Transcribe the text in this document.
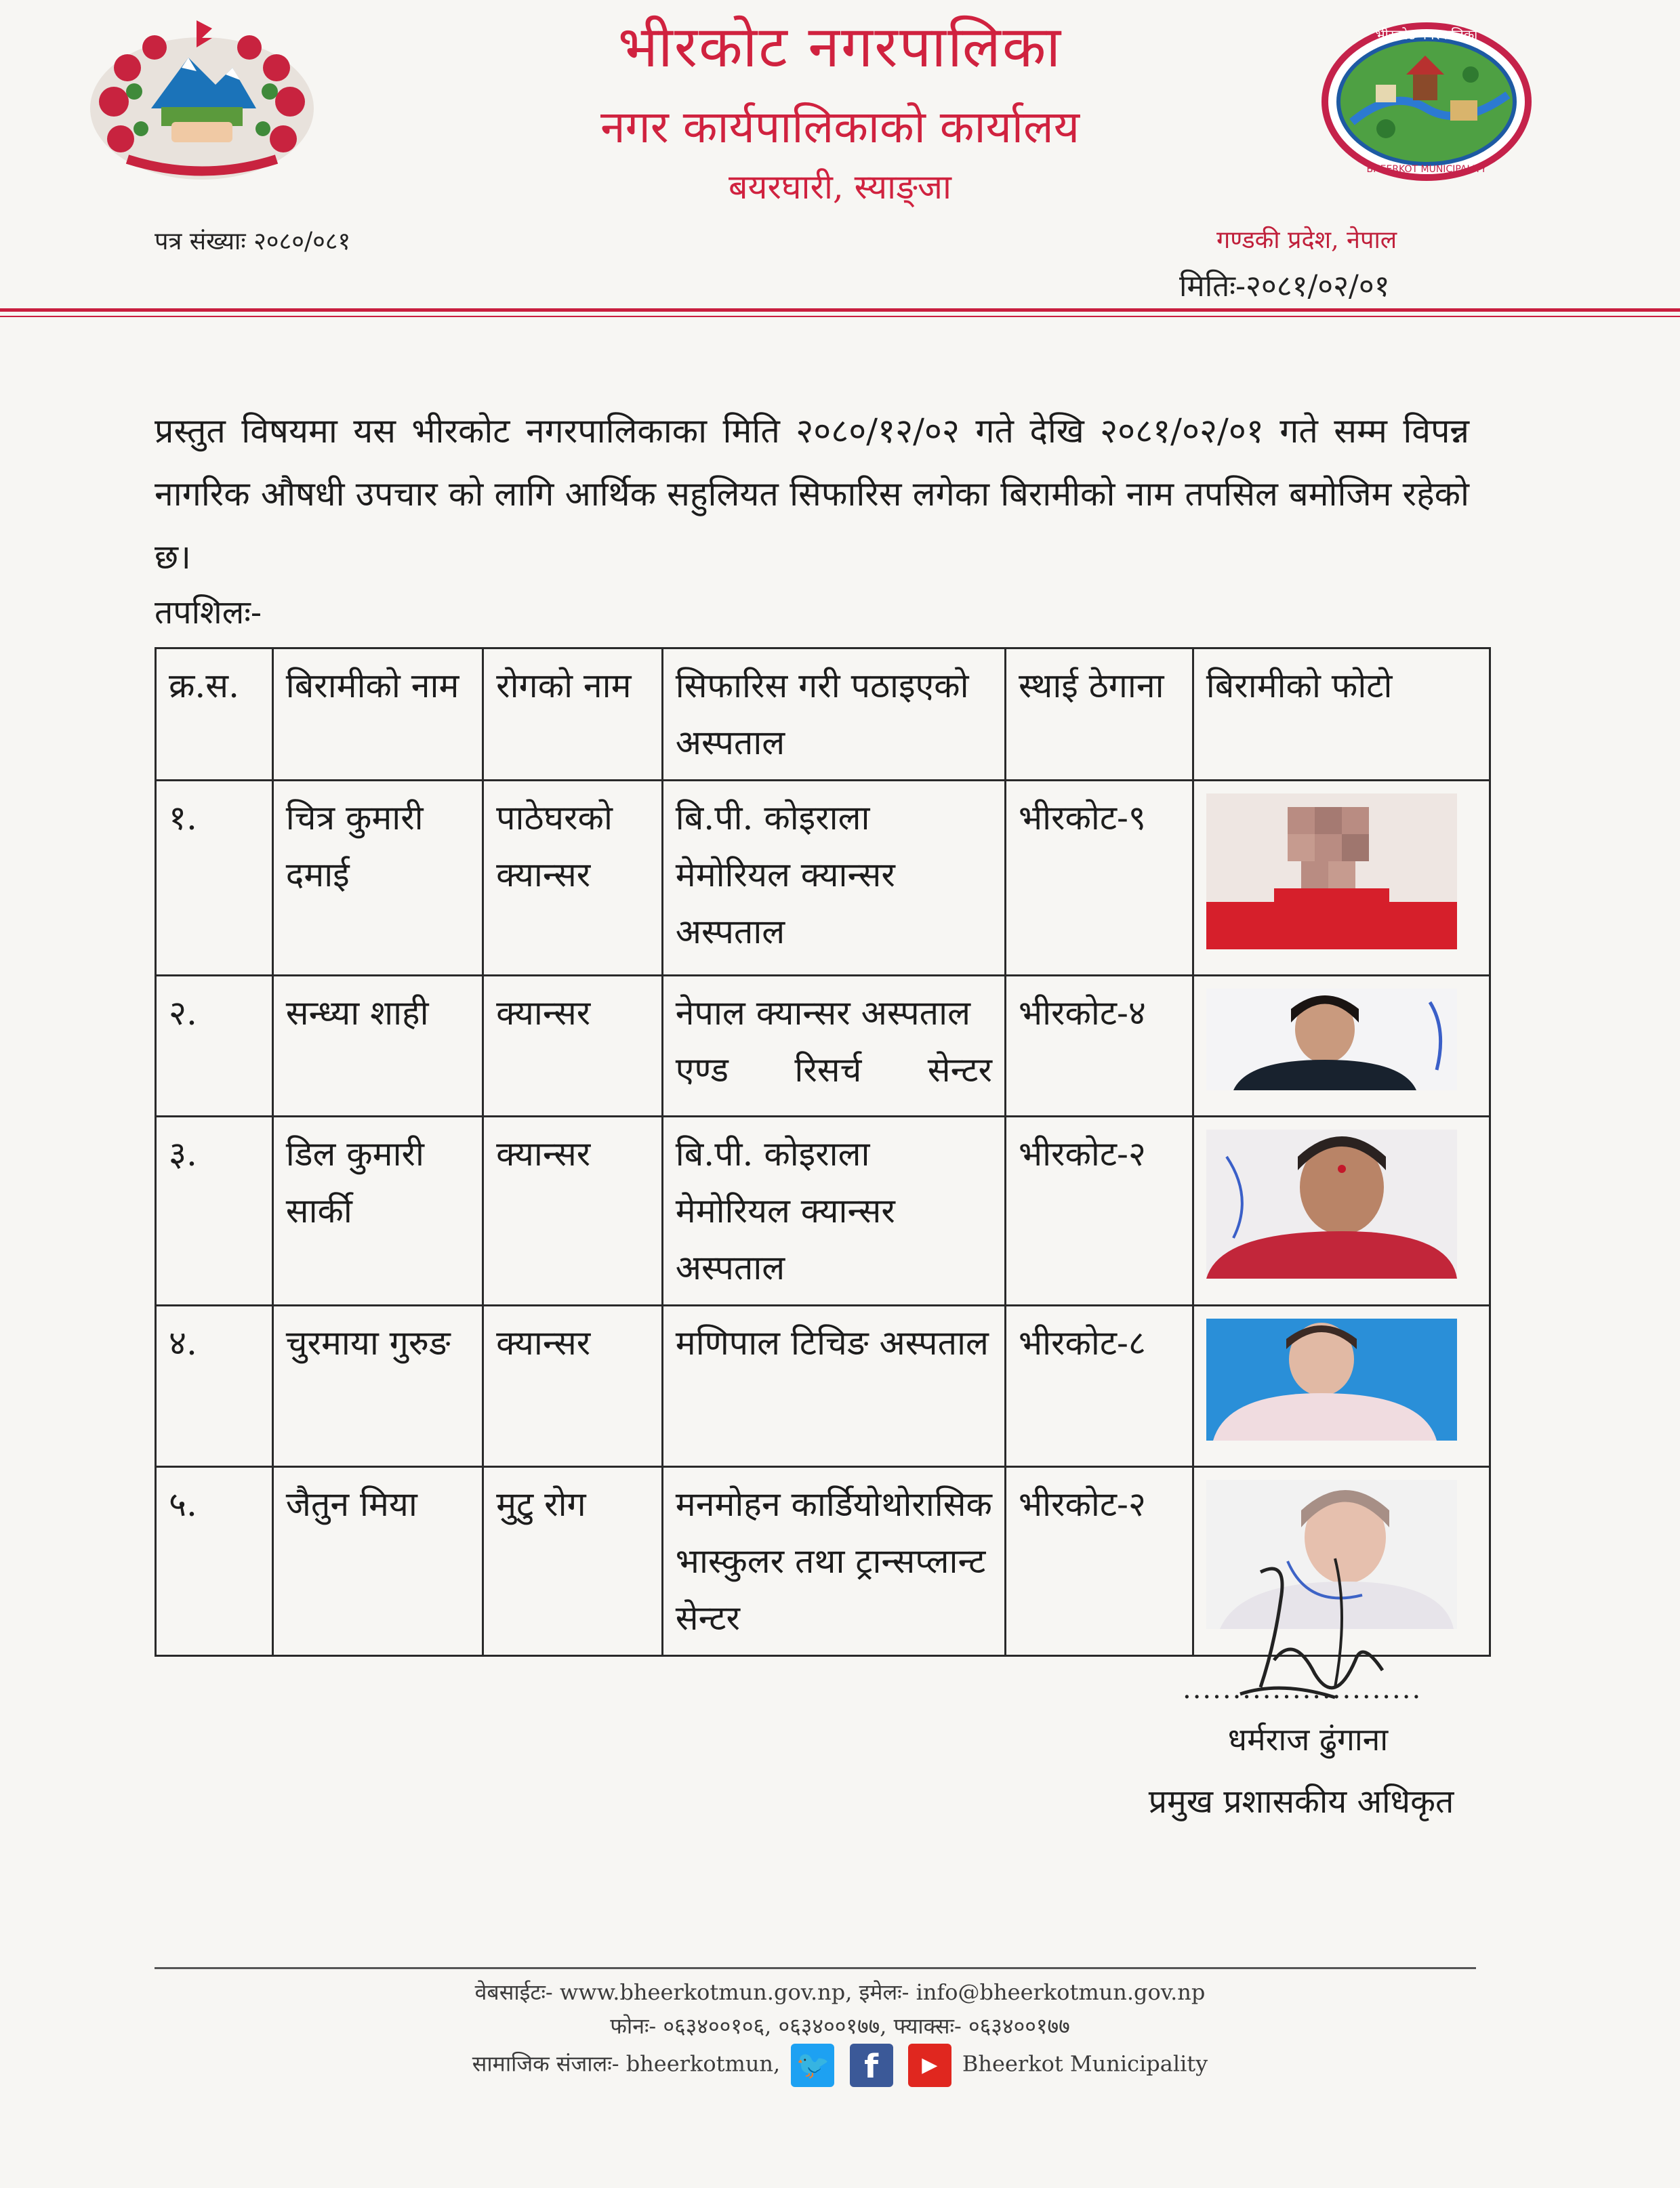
भीरकोट नगरपालिका
नगर कार्यपालिकाको कार्यालय
बयरघारी, स्याङ्जा
भीरकोट नगरपालिका
BHEERKOT MUNICIPALITY
पत्र संख्याः २०८०/०८१	गण्डकी प्रदेश, नेपाल
मितिः-२०८१/०२/०१
प्रस्तुत विषयमा यस भीरकोट नगरपालिकाका मिति २०८०/१२/०२ गते देखि २०८१/०२/०१ गते सम्म विपन्न नागरिक औषधी उपचार को लागि आर्थिक सहुलियत सिफारिस लगेका बिरामीको नाम तपसिल बमोजिम रहेको छ।
तपशिलः-
क्र.स.	बिरामीको नाम	रोगको नाम	सिफारिस गरी पठाइएको अस्पताल	स्थाई ठेगाना	बिरामीको फोटो
१.	चित्र कुमारी दमाई	पाठेघरको क्यान्सर	बि.पी. कोइराला मेमोरियल क्यान्सर अस्पताल	भीरकोट-९	
२.	सन्ध्या शाही	क्यान्सर	नेपाल क्यान्सर अस्पताल एण्ड रिसर्च सेन्टर	भीरकोट-४	
३.	डिल कुमारी सार्की	क्यान्सर	बि.पी. कोइराला मेमोरियल क्यान्सर अस्पताल	भीरकोट-२	
४.	चुरमाया गुरुङ	क्यान्सर	मणिपाल टिचिङ अस्पताल	भीरकोट-८	
५.	जैतुन मिया	मुटु रोग	मनमोहन कार्डियोथोरासिक भास्कुलर तथा ट्रान्सप्लान्ट सेन्टर	भीरकोट-२	
........................
धर्मराज ढुंगाना
प्रमुख प्रशासकीय अधिकृत
वेबसाईटः- www.bheerkotmun.gov.np, इमेलः- info@bheerkotmun.gov.np
फोनः- ०६३४००१०६, ०६३४००१७७, फ्याक्सः- ०६३४००१७७
सामाजिक संजालः- bheerkotmun, 🐦 f ▶ Bheerkot Municipality
